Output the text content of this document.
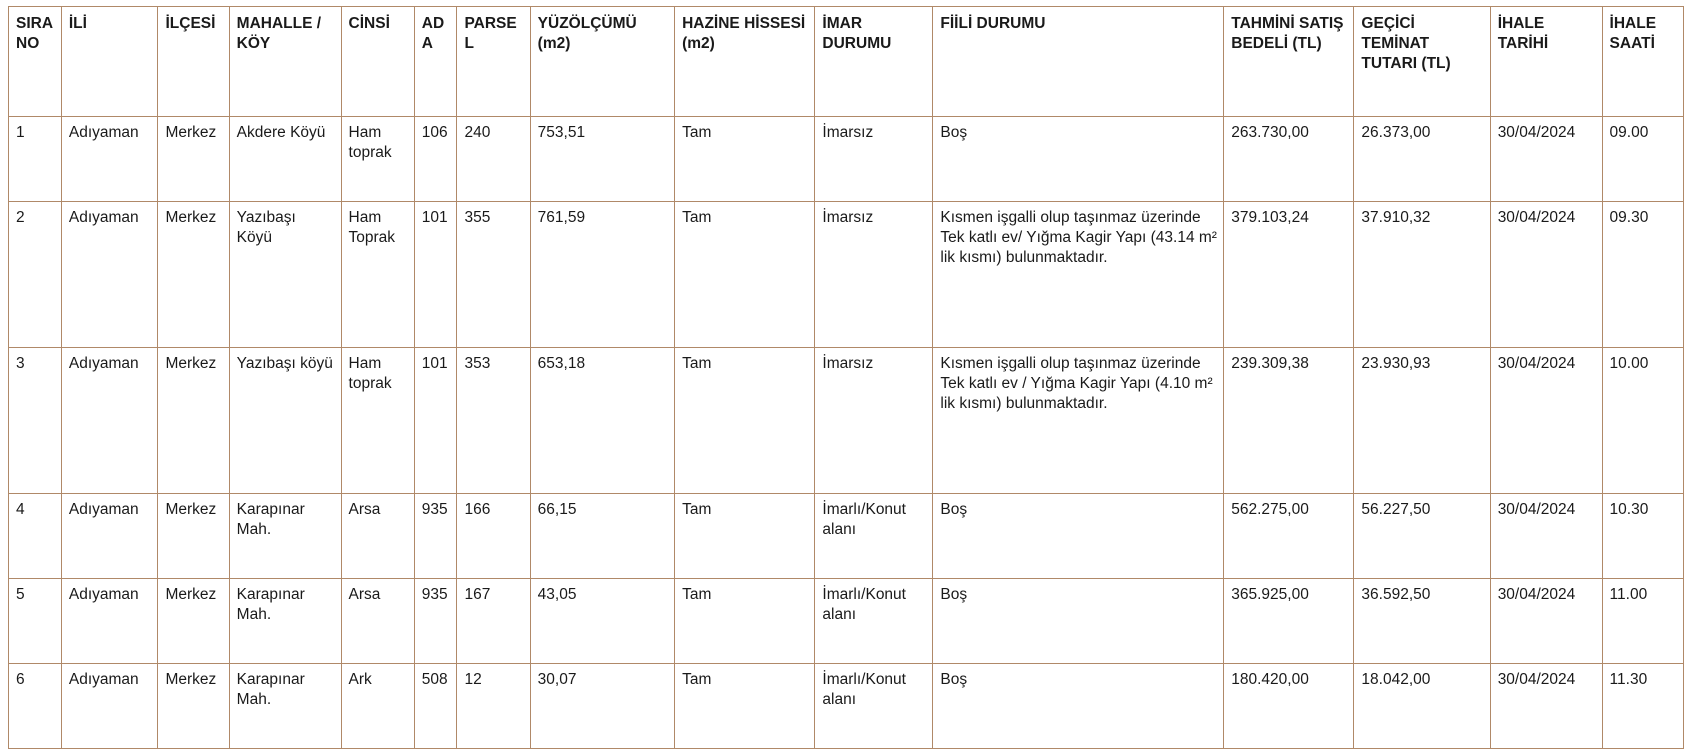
SIRA NO	İLİ	İLÇESİ	MAHALLE / KÖY	CİNSİ	ADA	PARSEL	YÜZÖLÇÜMÜ (m2)	HAZİNE HİSSESİ (m2)	İMAR DURUMU	FİİLİ DURUMU	TAHMİNİ SATIŞ BEDELİ (TL)	GEÇİCİ TEMİNAT TUTARI (TL)	İHALE TARİHİ	İHALE SAATİ
1	Adıyaman	Merkez	Akdere Köyü	Ham toprak	106	240	753,51	Tam	İmarsız	Boş	263.730,00	26.373,00	30/04/2024	09.00
2	Adıyaman	Merkez	Yazıbaşı Köyü	Ham Toprak	101	355	761,59	Tam	İmarsız	Kısmen işgalli olup taşınmaz üzerinde Tek katlı ev/ Yığma Kagir Yapı (43.14 m² lik kısmı) bulunmaktadır.	379.103,24	37.910,32	30/04/2024	09.30
3	Adıyaman	Merkez	Yazıbaşı köyü	Ham toprak	101	353	653,18	Tam	İmarsız	Kısmen işgalli olup taşınmaz üzerinde Tek katlı ev / Yığma Kagir Yapı (4.10 m² lik kısmı) bulunmaktadır.	239.309,38	23.930,93	30/04/2024	10.00
4	Adıyaman	Merkez	Karapınar Mah.	Arsa	935	166	66,15	Tam	İmarlı/Konut alanı	Boş	562.275,00	56.227,50	30/04/2024	10.30
5	Adıyaman	Merkez	Karapınar Mah.	Arsa	935	167	43,05	Tam	İmarlı/Konut alanı	Boş	365.925,00	36.592,50	30/04/2024	11.00
6	Adıyaman	Merkez	Karapınar Mah.	Ark	508	12	30,07	Tam	İmarlı/Konut alanı	Boş	180.420,00	18.042,00	30/04/2024	11.30
